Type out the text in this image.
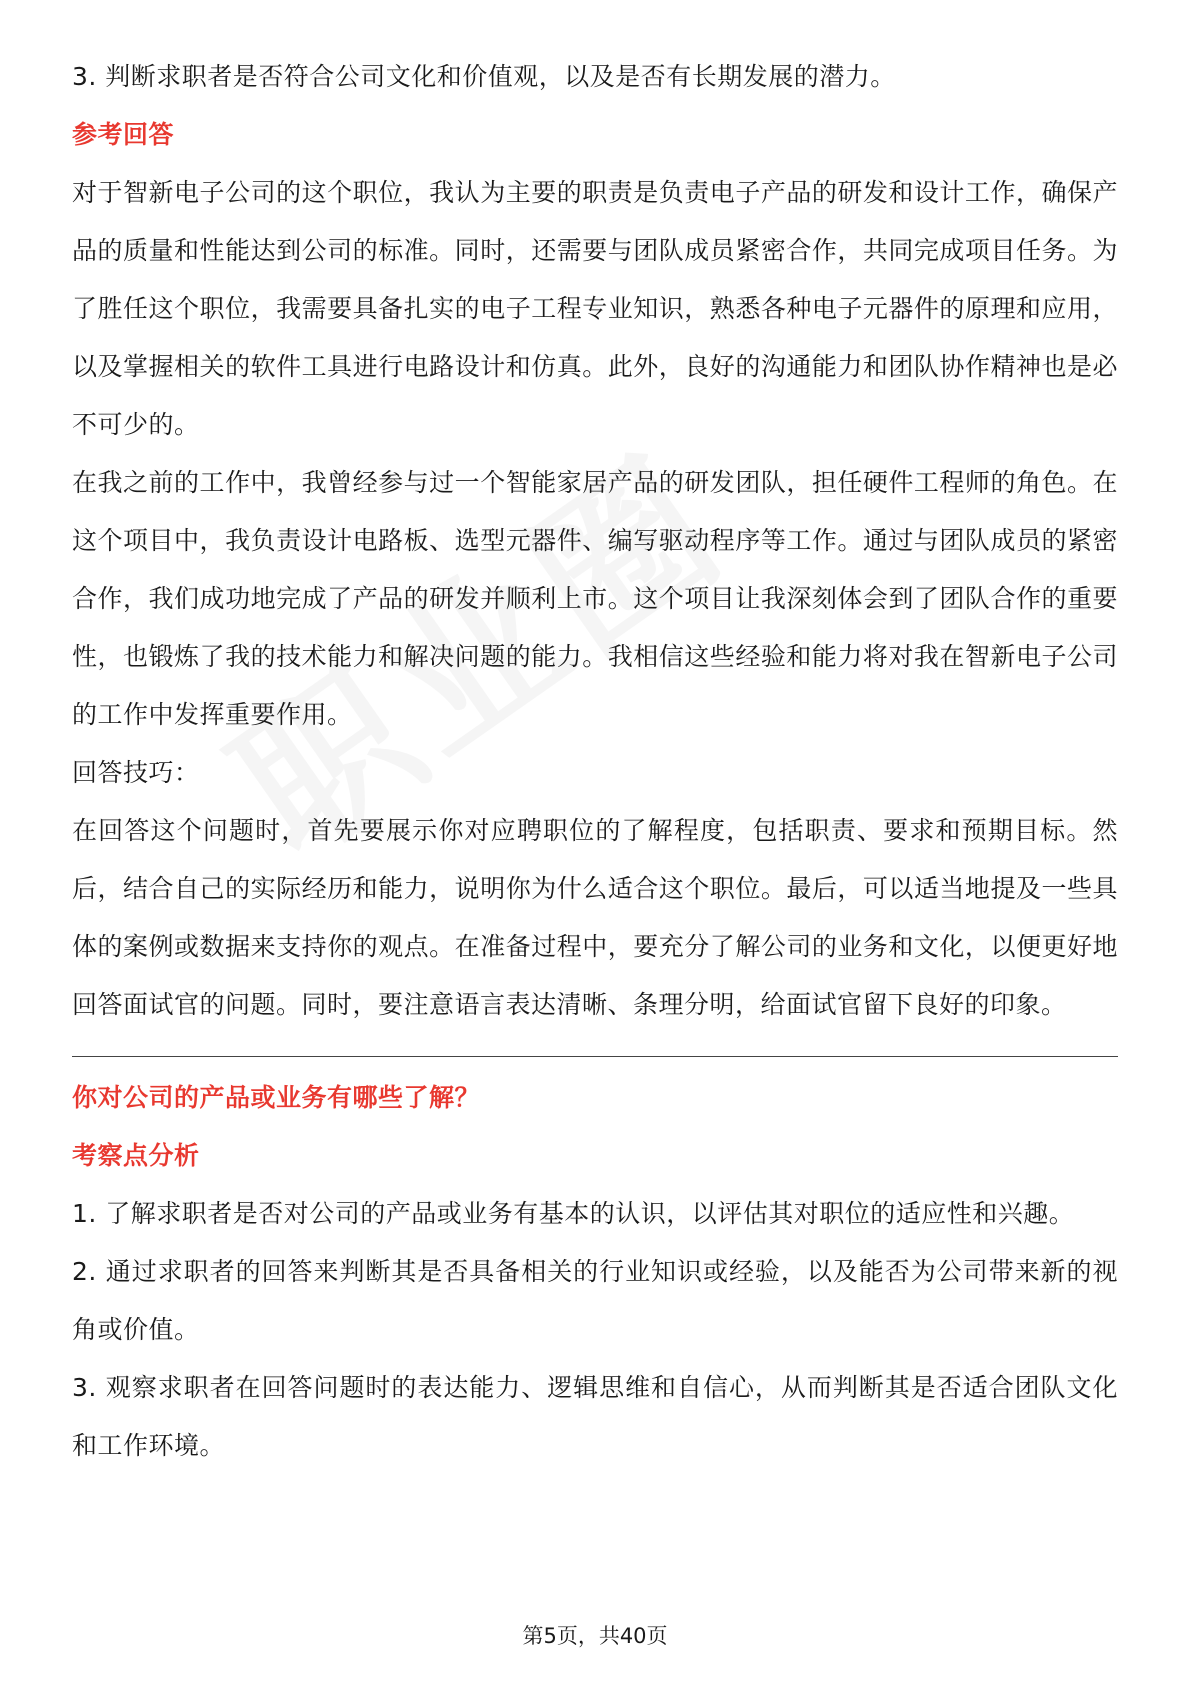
3. 判断求职者是否符合公司文化和价值观，以及是否有长期发展的潜力。

参考回答

对于智新电子公司的这个职位，我认为主要的职责是负责电子产品的研发和设计工作，确保产品的质量和性能达到公司的标准。同时，还需要与团队成员紧密合作，共同完成项目任务。为了胜任这个职位，我需要具备扎实的电子工程专业知识，熟悉各种电子元器件的原理和应用，以及掌握相关的软件工具进行电路设计和仿真。此外，良好的沟通能力和团队协作精神也是必不可少的。

在我之前的工作中，我曾经参与过一个智能家居产品的研发团队，担任硬件工程师的角色。在这个项目中，我负责设计电路板、选型元器件、编写驱动程序等工作。通过与团队成员的紧密合作，我们成功地完成了产品的研发并顺利上市。这个项目让我深刻体会到了团队合作的重要性，也锻炼了我的技术能力和解决问题的能力。我相信这些经验和能力将对我在智新电子公司的工作中发挥重要作用。

回答技巧：

在回答这个问题时，首先要展示你对应聘职位的了解程度，包括职责、要求和预期目标。然后，结合自己的实际经历和能力，说明你为什么适合这个职位。最后，可以适当地提及一些具体的案例或数据来支持你的观点。在准备过程中，要充分了解公司的业务和文化，以便更好地回答面试官的问题。同时，要注意语言表达清晰、条理分明，给面试官留下良好的印象。

你对公司的产品或业务有哪些了解？

考察点分析

1. 了解求职者是否对公司的产品或业务有基本的认识，以评估其对职位的适应性和兴趣。

2. 通过求职者的回答来判断其是否具备相关的行业知识或经验，以及能否为公司带来新的视角或价值。

3. 观察求职者在回答问题时的表达能力、逻辑思维和自信心，从而判断其是否适合团队文化和工作环境。

第5页，共40页
